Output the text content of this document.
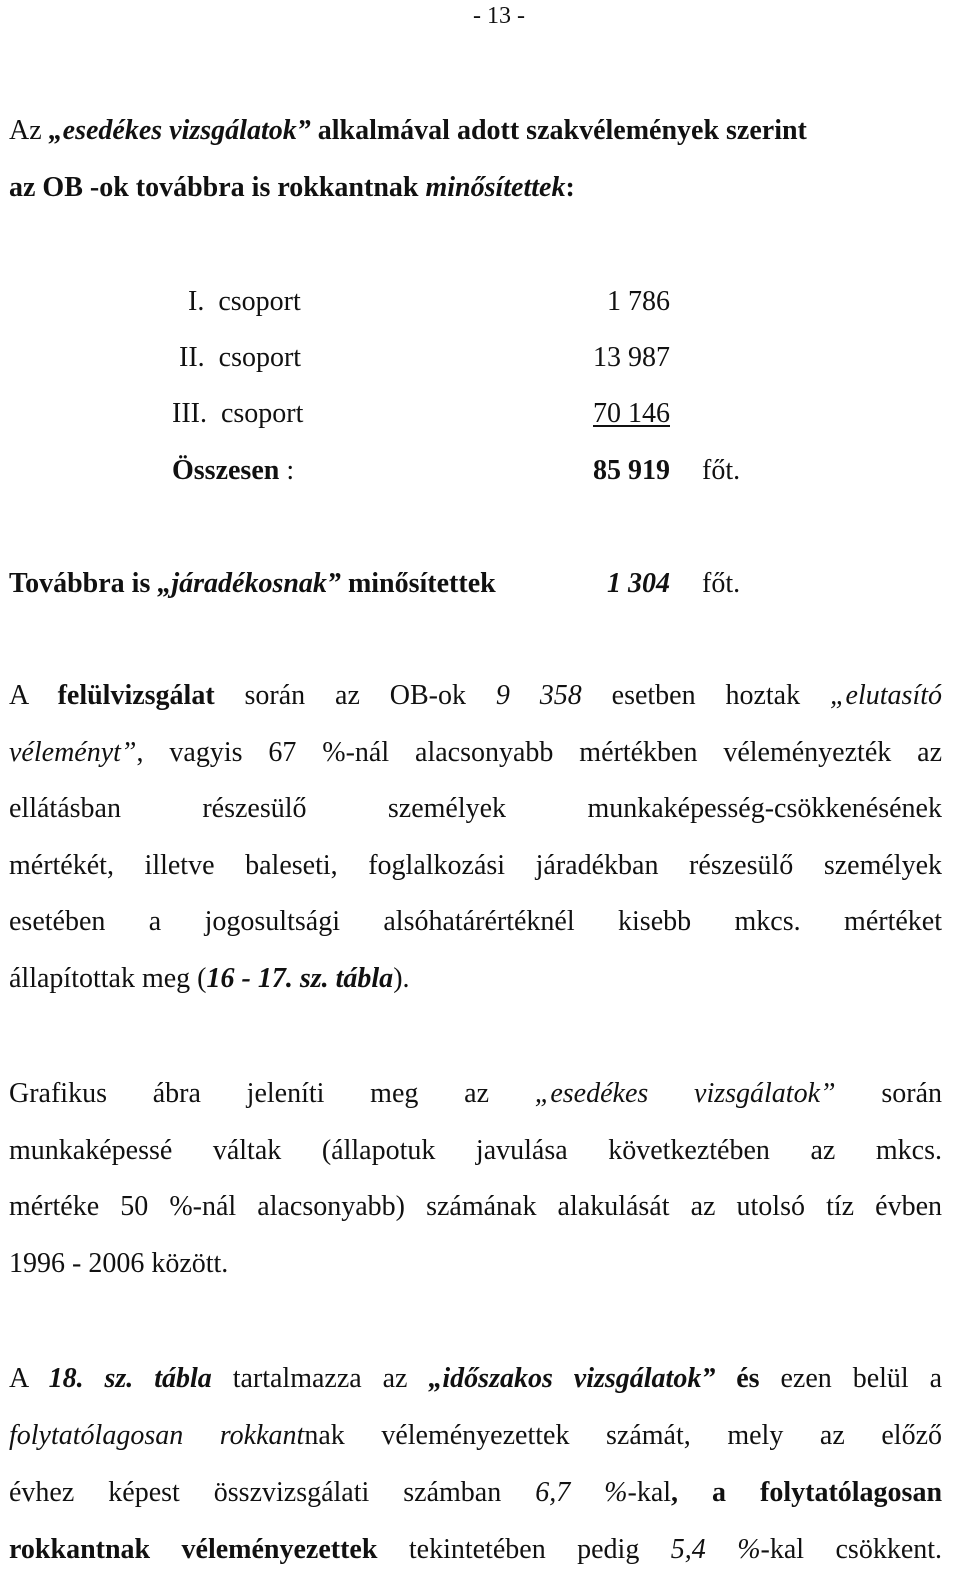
- 13 -
Az „esedékes vizsgálatok” alkalmával adott szakvélemények szerint
az OB -ok továbbra is rokkantnak minősítettek:
I.  csoport	1 786
II.  csoport	13 987
III.  csoport	70 146
Összesen :	85 919 főt.
Továbbra is „járadékosnak” minősítettek	1 304 főt.
A felülvizsgálat során az OB-ok 9 358 esetben hoztak „elutasító
véleményt”, vagyis 67 %-nál alacsonyabb mértékben véleményezték az
ellátásban részesülő személyek munkaképesség-csökkenésének
mértékét, illetve baleseti, foglalkozási járadékban részesülő személyek
esetében a jogosultsági alsóhatárértéknél kisebb mkcs. mértéket
állapítottak meg (16 - 17. sz. tábla).
Grafikus ábra jeleníti meg az „esedékes vizsgálatok” során
munkaképessé váltak (állapotuk javulása következtében az mkcs.
mértéke 50 %-nál alacsonyabb) számának alakulását az utolsó tíz évben
1996 - 2006 között.
A 18. sz. tábla tartalmazza az „időszakos vizsgálatok” és ezen belül a
folytatólagosan rokkantnak véleményezettek számát, mely az előző
évhez képest összvizsgálati számban 6,7 %-kal, a folytatólagosan
rokkantnak véleményezettek tekintetében pedig 5,4 %-kal csökkent.
